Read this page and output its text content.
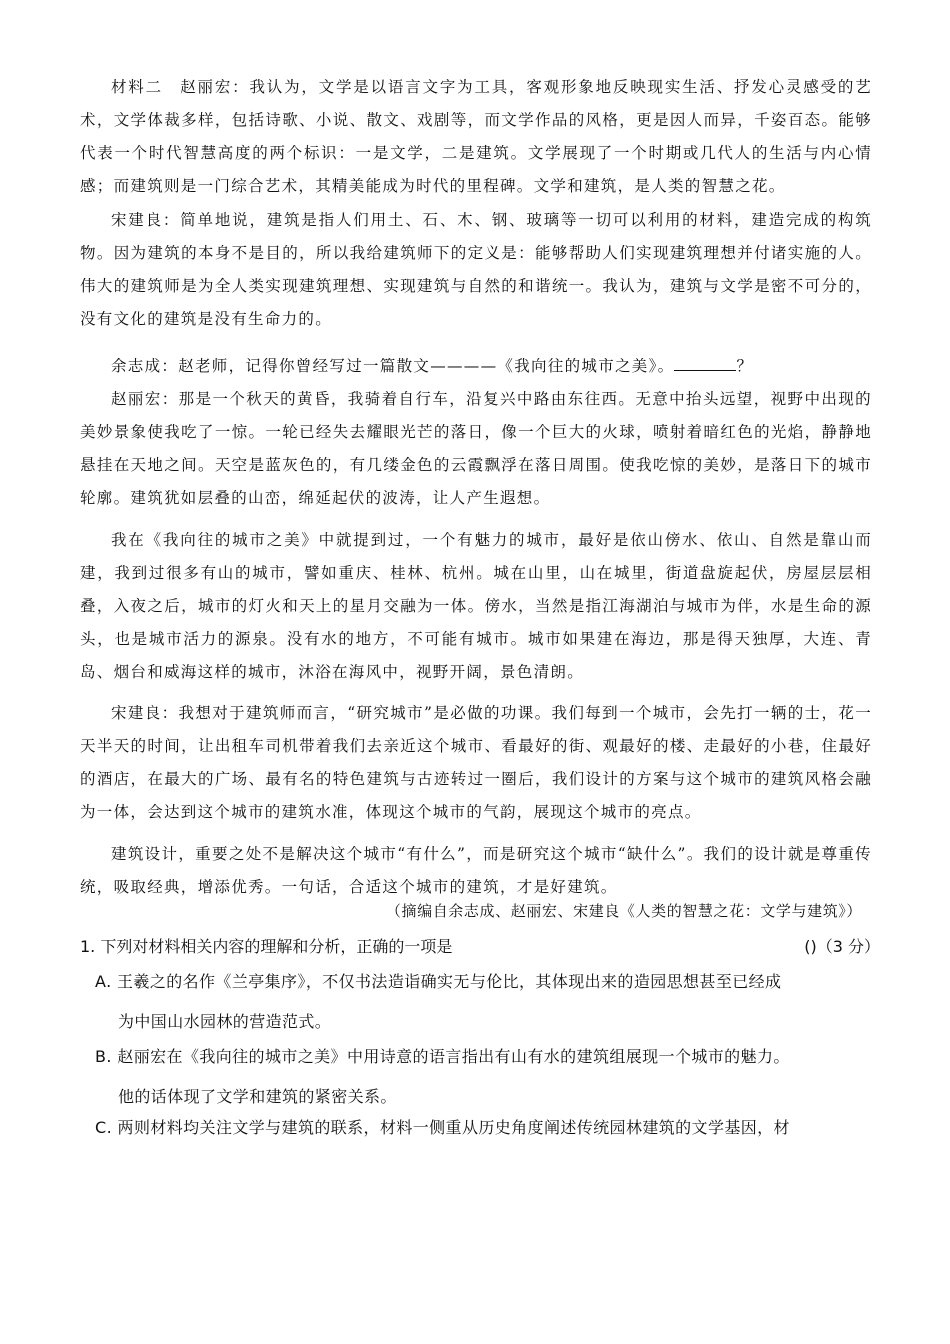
材料二　赵丽宏：我认为，文学是以语言文字为工具，客观形象地反映现实生活、抒发心灵感受的艺术，文学体裁多样，包括诗歌、小说、散文、戏剧等，而文学作品的风格，更是因人而异，千姿百态。能够代表一个时代智慧高度的两个标识：一是文学，二是建筑。文学展现了一个时期或几代人的生活与内心情感；而建筑则是一门综合艺术，其精美能成为时代的里程碑。文学和建筑，是人类的智慧之花。

宋建良：简单地说，建筑是指人们用土、石、木、钢、玻璃等一切可以利用的材料，建造完成的构筑物。因为建筑的本身不是目的，所以我给建筑师下的定义是：能够帮助人们实现建筑理想并付诸实施的人。伟大的建筑师是为全人类实现建筑理想、实现建筑与自然的和谐统一。我认为，建筑与文学是密不可分的，没有文化的建筑是没有生命力的。

余志成：赵老师，记得你曾经写过一篇散文————《我向往的城市之美》。	？

赵丽宏：那是一个秋天的黄昏，我骑着自行车，沿复兴中路由东往西。无意中抬头远望，视野中出现的美妙景象使我吃了一惊。一轮已经失去耀眼光芒的落日，像一个巨大的火球，喷射着暗红色的光焰，静静地悬挂在天地之间。天空是蓝灰色的，有几缕金色的云霞飘浮在落日周围。使我吃惊的美妙，是落日下的城市轮廓。建筑犹如层叠的山峦，绵延起伏的波涛，让人产生遐想。

我在《我向往的城市之美》中就提到过，一个有魅力的城市，最好是依山傍水、依山、自然是靠山而建，我到过很多有山的城市，譬如重庆、桂林、杭州。城在山里，山在城里，街道盘旋起伏，房屋层层相叠，入夜之后，城市的灯火和天上的星月交融为一体。傍水，当然是指江海湖泊与城市为伴，水是生命的源头，也是城市活力的源泉。没有水的地方，不可能有城市。城市如果建在海边，那是得天独厚，大连、青岛、烟台和威海这样的城市，沐浴在海风中，视野开阔，景色清朗。

宋建良：我想对于建筑师而言，“研究城市”是必做的功课。我们每到一个城市，会先打一辆的士，花一天半天的时间，让出租车司机带着我们去亲近这个城市、看最好的街、观最好的楼、走最好的小巷，住最好的酒店，在最大的广场、最有名的特色建筑与古迹转过一圈后，我们设计的方案与这个城市的建筑风格会融为一体，会达到这个城市的建筑水准，体现这个城市的气韵，展现这个城市的亮点。

建筑设计，重要之处不是解决这个城市“有什么”，而是研究这个城市“缺什么”。我们的设计就是尊重传统，吸取经典，增添优秀。一句话，合适这个城市的建筑，才是好建筑。

（摘编自余志成、赵丽宏、宋建良《人类的智慧之花：文学与建筑》）
1. 下列对材料相关内容的理解和分析，正确的一项是	()（3 分）
A. 王羲之的名作《兰亭集序》，不仅书法造诣确实无与伦比，其体现出来的造园思想甚至已经成
为中国山水园林的营造范式。
B. 赵丽宏在《我向往的城市之美》中用诗意的语言指出有山有水的建筑组展现一个城市的魅力。
他的话体现了文学和建筑的紧密关系。
C. 两则材料均关注文学与建筑的联系，材料一侧重从历史角度阐述传统园林建筑的文学基因，材
